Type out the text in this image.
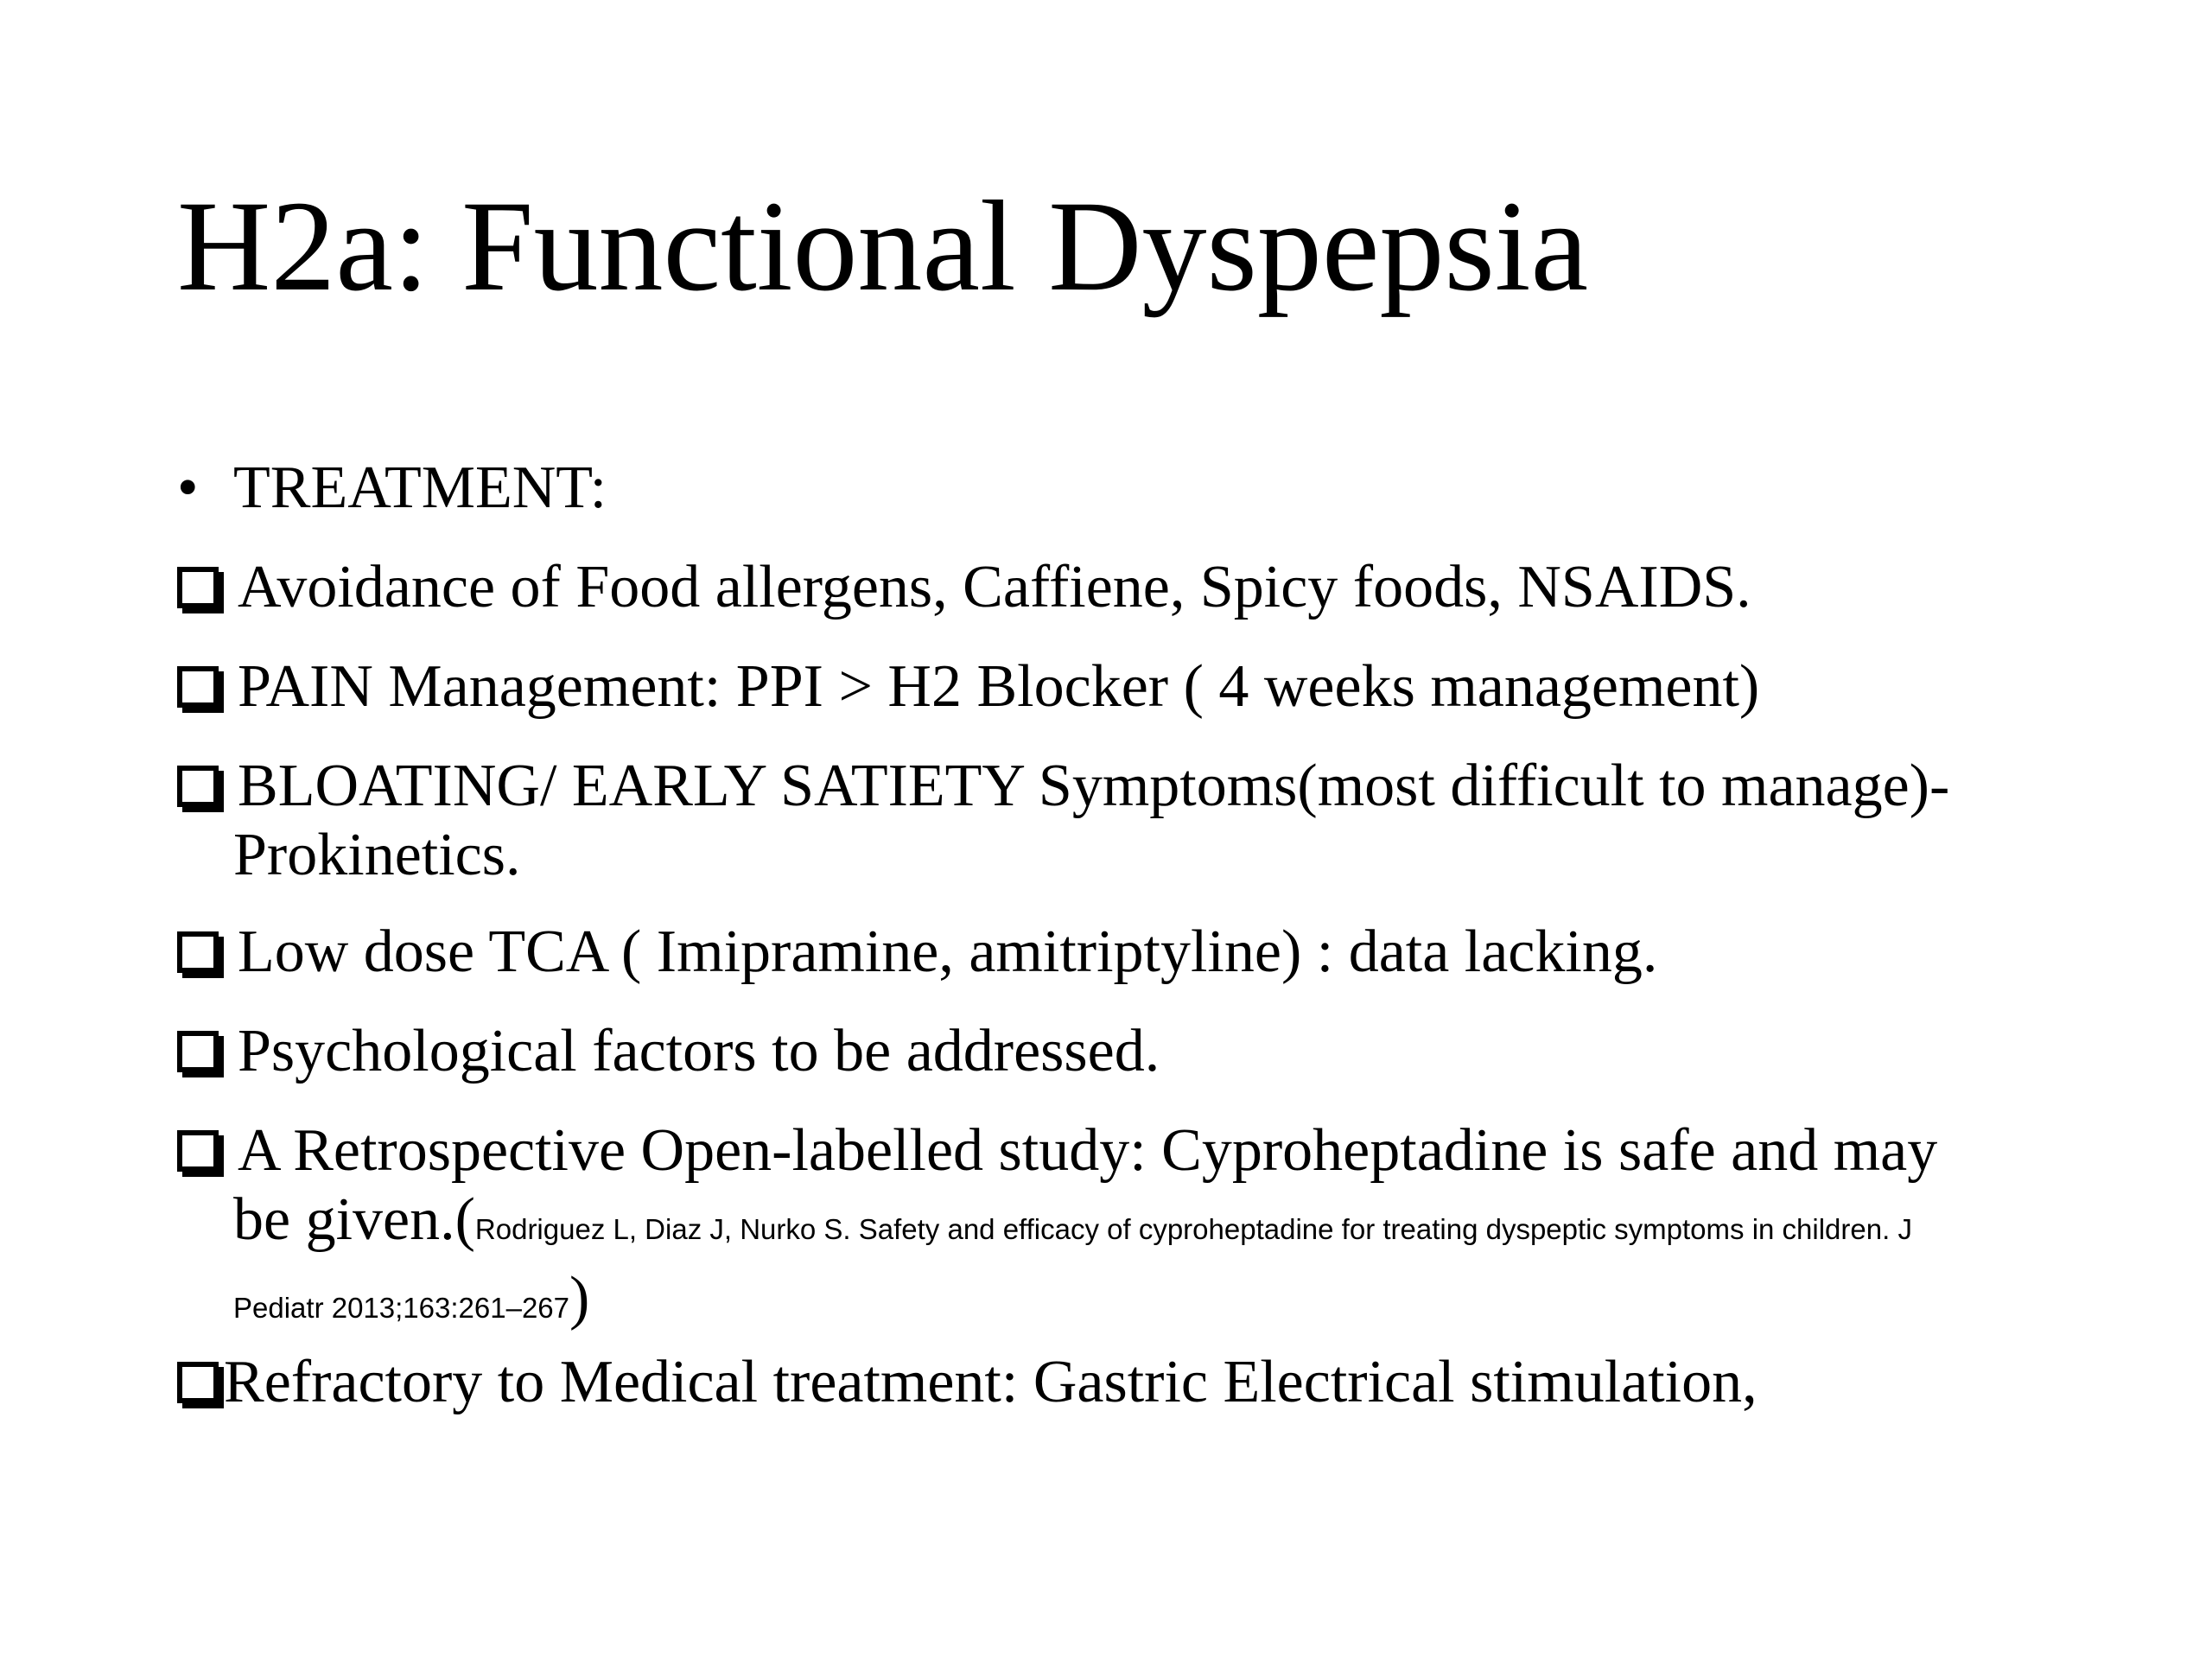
H2a: Functional Dyspepsia
• TREATMENT:
Avoidance of Food allergens, Caffiene, Spicy foods, NSAIDS.
PAIN Management: PPI > H2 Blocker ( 4 weeks management)
BLOATING/ EARLY SATIETY Symptoms(most difficult to manage)-
Prokinetics.
Low dose TCA ( Imipramine, amitriptyline) : data lacking.
Psychological factors to be addressed.
A Retrospective Open-labelled study: Cyproheptadine is safe and may
be given.(Rodriguez L, Diaz J, Nurko S. Safety and efficacy of cyproheptadine for treating dyspeptic symptoms in children. J
Pediatr 2013;163:261–267)
Refractory to Medical treatment: Gastric Electrical stimulation,
